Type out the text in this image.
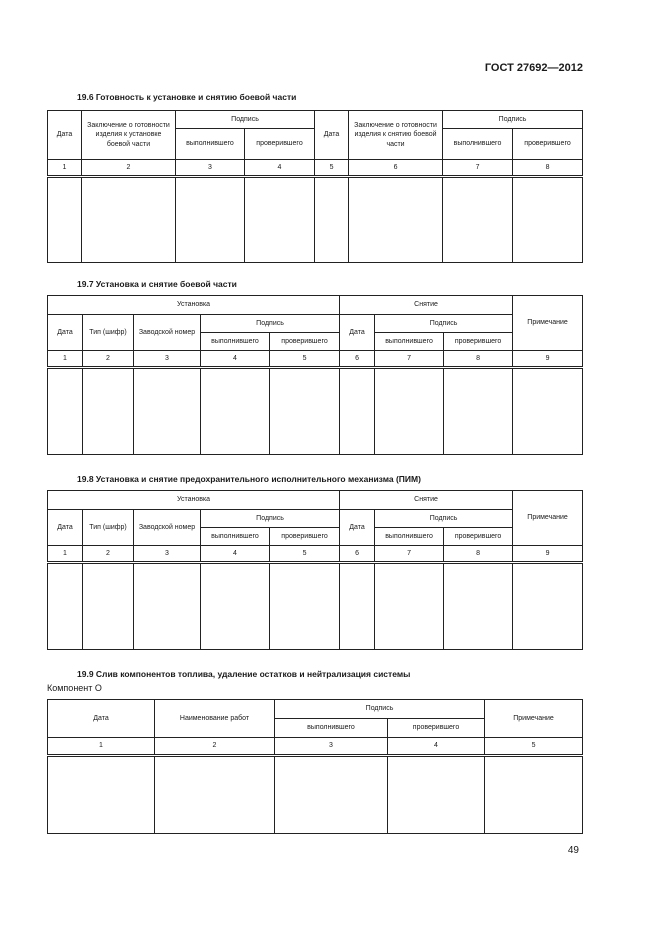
ГОСТ 27692—2012
19.6 Готовность к установке и снятию боевой части
Дата	Заключение о готовности изделия к установке боевой части	Подпись		Дата	Заключение о готовности изделия к снятию боевой части	Подпись	
		выполнившего	проверившего			выполнившего	проверившего
1	2	3	4	5	6	7	8

19.7 Установка и снятие боевой части
Установка					Снятие			Примечание
Дата	Тип (шифр)	Заводской номер	Подпись		Дата	Подпись		
			выполнившего	проверившего		выполнившего	проверившего	
1	2	3	4	5	6	7	8	9

19.8 Установка и снятие предохранительного исполнительного механизма (ПИМ)
Установка					Снятие			Примечание
Дата	Тип (шифр)	Заводской номер	Подпись		Дата	Подпись		
			выполнившего	проверившего		выполнившего	проверившего	
1	2	3	4	5	6	7	8	9

19.9 Слив компонентов топлива, удаление остатков и нейтрализация системы
Компонент О
Дата	Наименование работ	Подпись		Примечание
		выполнившего	проверившего	
1	2	3	4	5

49
